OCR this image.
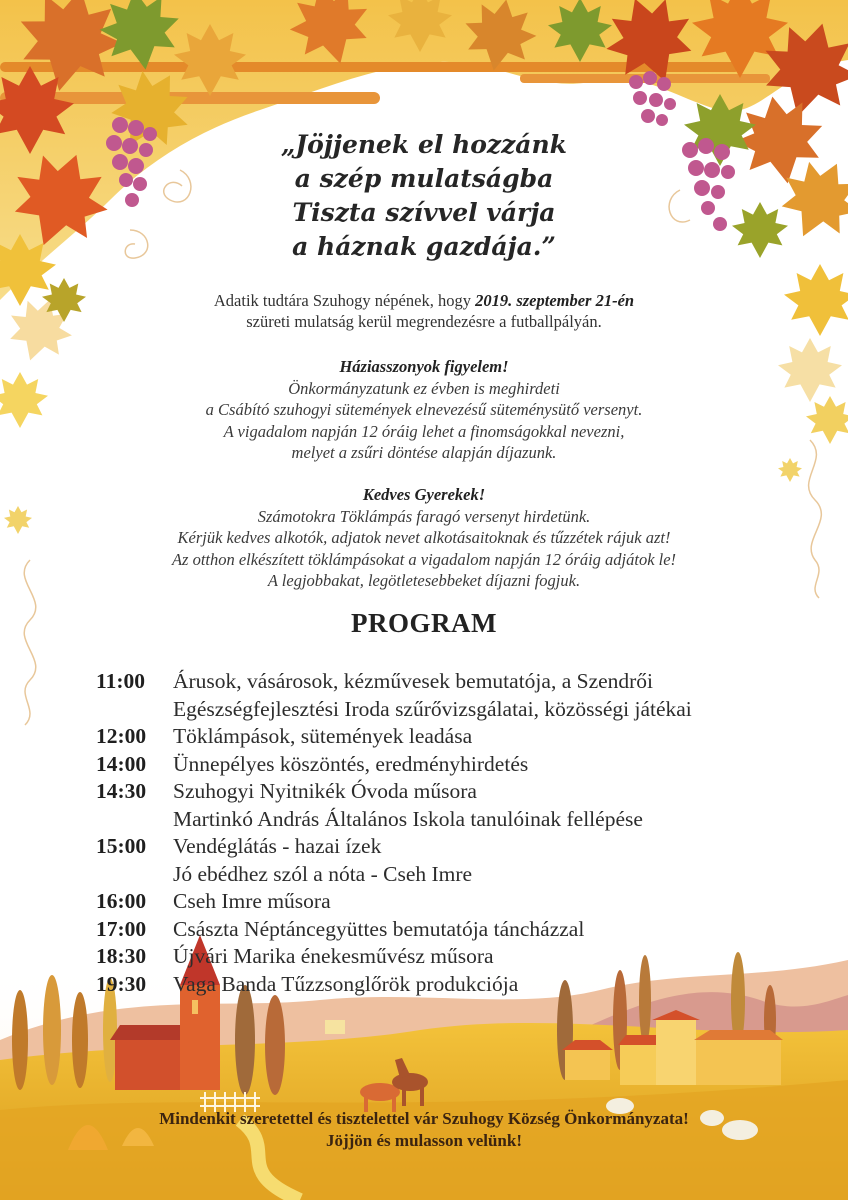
„Jöjjenek el hozzánk
a szép mulatságba
Tiszta szívvel várja
a háznak gazdája.”
Adatik tudtára Szuhogy népének, hogy 2019. szeptember 21-én
szüreti mulatság kerül megrendezésre a futballpályán.
Háziasszonyok figyelem!
Önkormányzatunk ez évben is meghirdeti
a Csábító szuhogyi sütemények elnevezésű süteménysütő versenyt.
A vigadalom napján 12 óráig lehet a finomságokkal nevezni,
melyet a zsűri döntése alapján díjazunk.
Kedves Gyerekek!
Számotokra Töklámpás faragó versenyt hirdetünk.
Kérjük kedves alkotók, adjatok nevet alkotásaitoknak és tűzzétek rájuk azt!
Az otthon elkészített töklámpásokat a vigadalom napján 12 óráig adjátok le!
A legjobbakat, legötletesebbeket díjazni fogjuk.
PROGRAM
11:00	Árusok, vásárosok, kézművesek bemutatója, a Szendrői
Egészségfejlesztési Iroda szűrővizsgálatai, közösségi játékai
12:00	Töklámpások, sütemények leadása
14:00	Ünnepélyes köszöntés, eredményhirdetés
14:30	Szuhogyi Nyitnikék Óvoda műsora
Martinkó András Általános Iskola tanulóinak fellépése
15:00	Vendéglátás - hazai ízek
Jó ebédhez szól a nóta - Cseh Imre
16:00	Cseh Imre műsora
17:00	Császta Néptáncegyüttes bemutatója táncházzal
18:30	Újvári Marika énekesművész műsora
19:30	Vaga Banda Tűzzsonglőrök produkciója
Mindenkit szeretettel és tisztelettel vár Szuhogy Község Önkormányzata!
Jöjjön és mulasson velünk!
